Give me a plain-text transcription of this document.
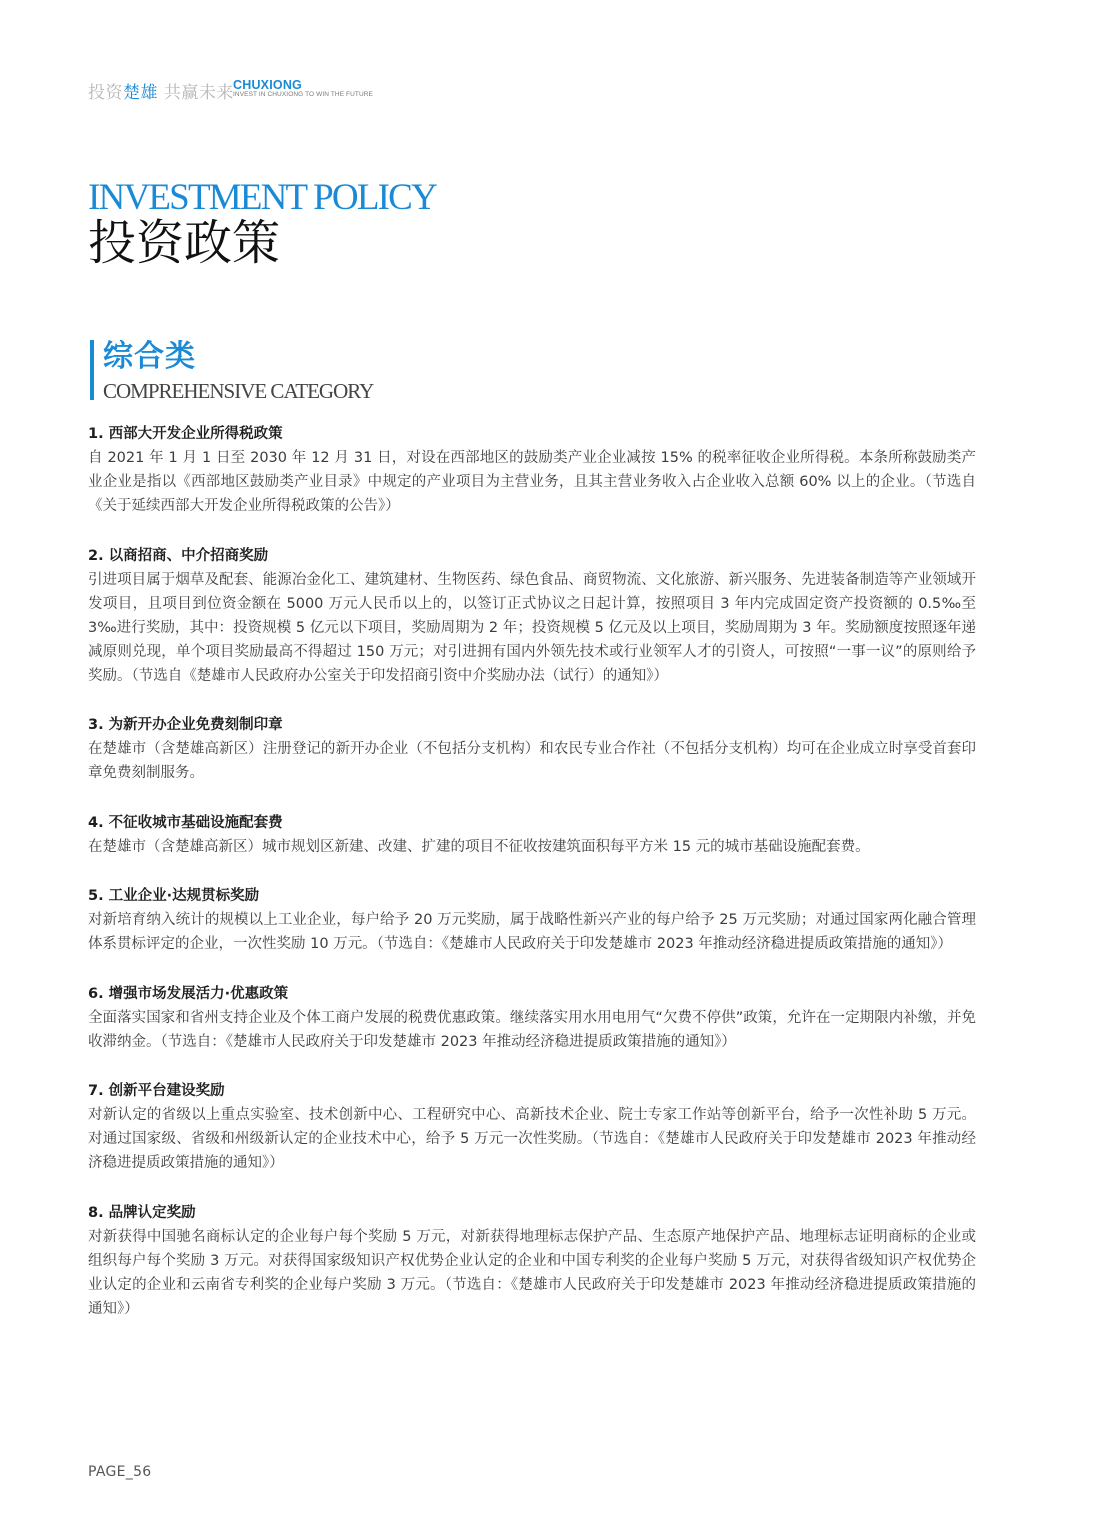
投资楚雄 共赢未来 CHUXIONG
INVEST IN CHUXIONG TO WIN THE FUTURE
INVESTMENT POLICY
投资政策
综合类
COMPREHENSIVE CATEGORY
1. 西部大开发企业所得税政策
自 2021 年 1 月 1 日至 2030 年 12 月 31 日，对设在西部地区的鼓励类产业企业减按 15% 的税率征收企业所得税。本条所称鼓励类产业企业是指以《西部地区鼓励类产业目录》中规定的产业项目为主营业务，且其主营业务收入占企业收入总额 60% 以上的企业。（节选自《关于延续西部大开发企业所得税政策的公告》）
2. 以商招商、中介招商奖励
引进项目属于烟草及配套、能源冶金化工、建筑建材、生物医药、绿色食品、商贸物流、文化旅游、新兴服务、先进装备制造等产业领域开发项目，且项目到位资金额在 5000 万元人民币以上的，以签订正式协议之日起计算，按照项目 3 年内完成固定资产投资额的 0.5‰至 3‰进行奖励，其中：投资规模 5 亿元以下项目，奖励周期为 2 年；投资规模 5 亿元及以上项目，奖励周期为 3 年。奖励额度按照逐年递减原则兑现，单个项目奖励最高不得超过 150 万元；对引进拥有国内外领先技术或行业领军人才的引资人，可按照“一事一议”的原则给予奖励。（节选自《楚雄市人民政府办公室关于印发招商引资中介奖励办法（试行）的通知》）
3. 为新开办企业免费刻制印章
在楚雄市（含楚雄高新区）注册登记的新开办企业（不包括分支机构）和农民专业合作社（不包括分支机构）均可在企业成立时享受首套印章免费刻制服务。
4. 不征收城市基础设施配套费
在楚雄市（含楚雄高新区）城市规划区新建、改建、扩建的项目不征收按建筑面积每平方米 15 元的城市基础设施配套费。
5. 工业企业·达规贯标奖励
对新培育纳入统计的规模以上工业企业，每户给予 20 万元奖励，属于战略性新兴产业的每户给予 25 万元奖励；对通过国家两化融合管理体系贯标评定的企业，一次性奖励 10 万元。（节选自：《楚雄市人民政府关于印发楚雄市 2023 年推动经济稳进提质政策措施的通知》）
6. 增强市场发展活力·优惠政策
全面落实国家和省州支持企业及个体工商户发展的税费优惠政策。继续落实用水用电用气“欠费不停供”政策，允许在一定期限内补缴，并免收滞纳金。（节选自：《楚雄市人民政府关于印发楚雄市 2023 年推动经济稳进提质政策措施的通知》）
7. 创新平台建设奖励
对新认定的省级以上重点实验室、技术创新中心、工程研究中心、高新技术企业、院士专家工作站等创新平台，给予一次性补助 5 万元。对通过国家级、省级和州级新认定的企业技术中心，给予 5 万元一次性奖励。（节选自：《楚雄市人民政府关于印发楚雄市 2023 年推动经济稳进提质政策措施的通知》）
8. 品牌认定奖励
对新获得中国驰名商标认定的企业每户每个奖励 5 万元，对新获得地理标志保护产品、生态原产地保护产品、地理标志证明商标的企业或组织每户每个奖励 3 万元。对获得国家级知识产权优势企业认定的企业和中国专利奖的企业每户奖励 5 万元，对获得省级知识产权优势企业认定的企业和云南省专利奖的企业每户奖励 3 万元。（节选自：《楚雄市人民政府关于印发楚雄市 2023 年推动经济稳进提质政策措施的通知》）
PAGE_56
